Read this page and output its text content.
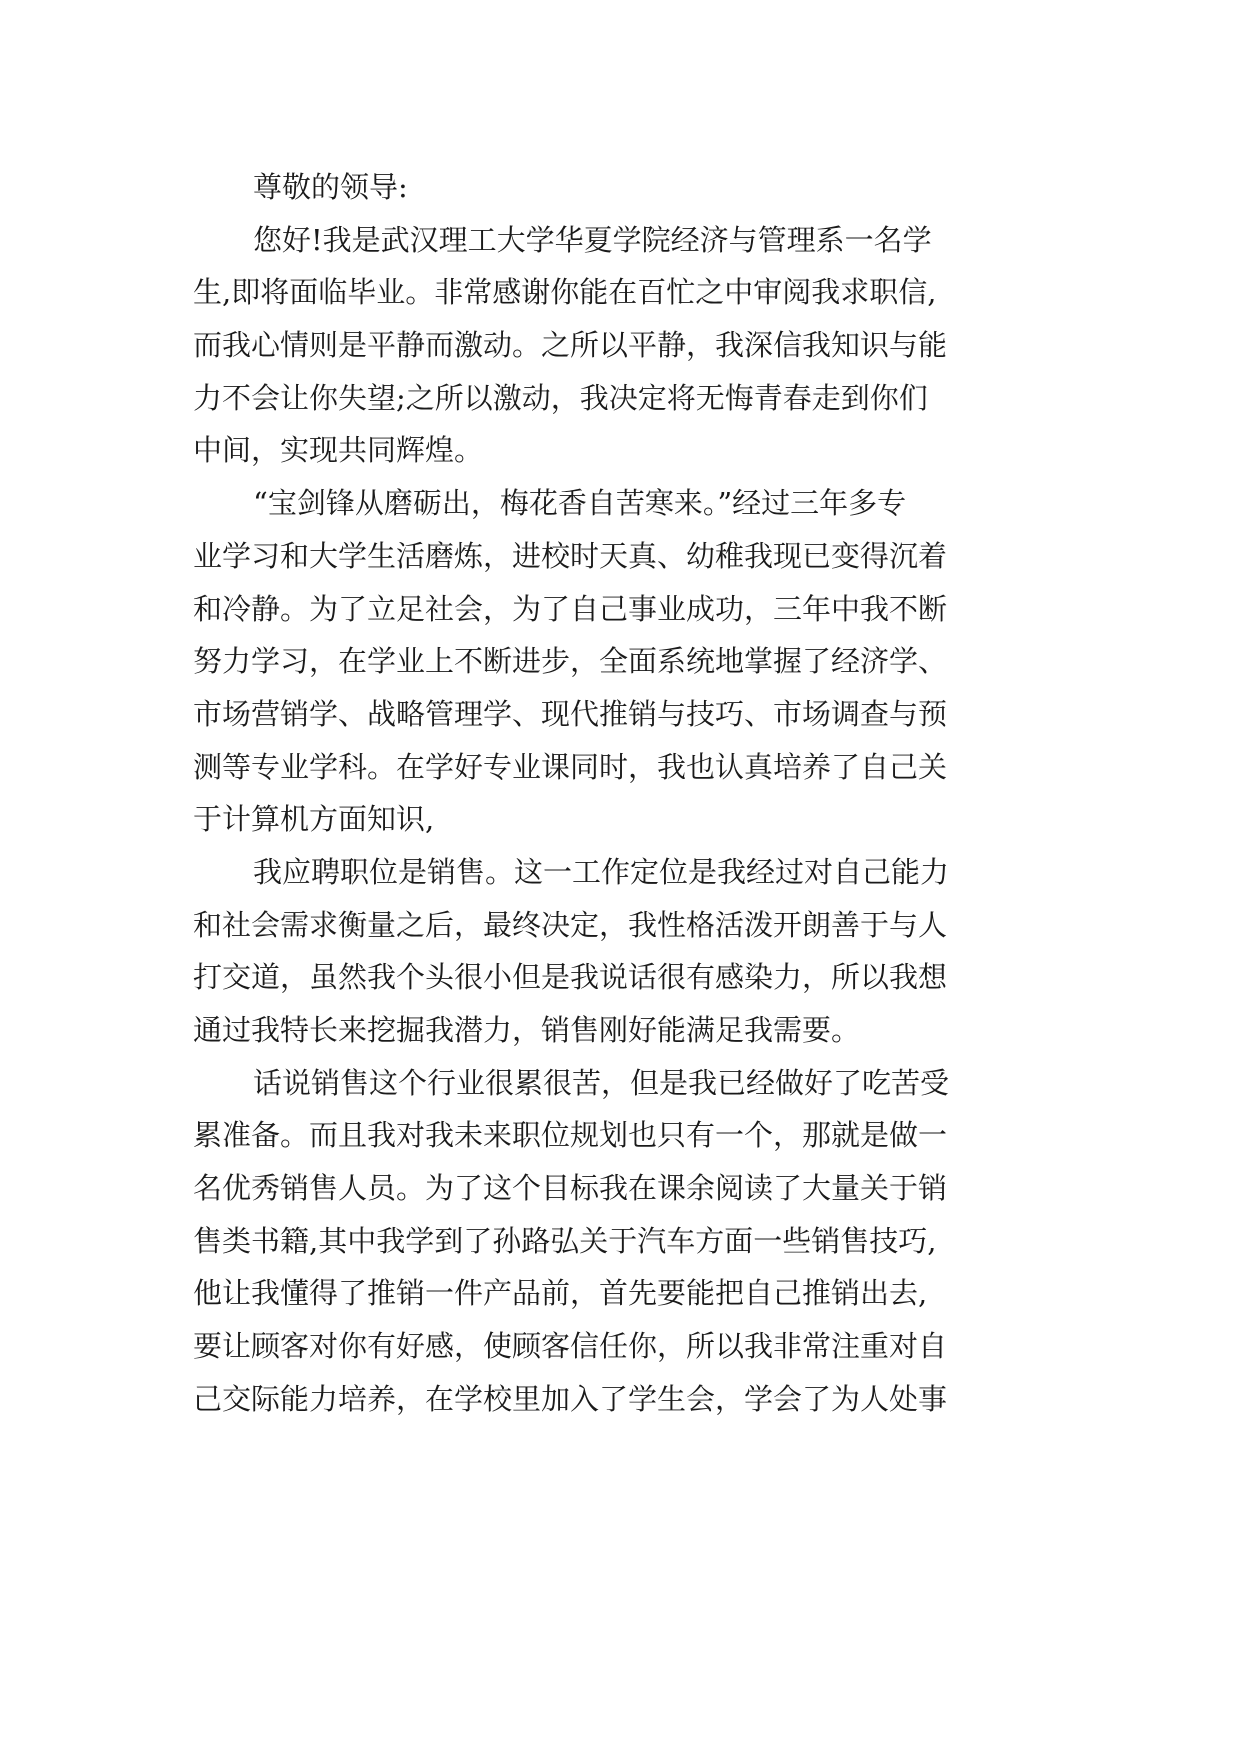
尊敬的领导:
您好!我是武汉理工大学华夏学院经济与管理系一名学
生,即将面临毕业。非常感谢你能在百忙之中审阅我求职信,
而我心情则是平静而激动。之所以平静，我深信我知识与能
力不会让你失望;之所以激动，我决定将无悔青春走到你们
中间，实现共同辉煌。
“宝剑锋从磨砺出，梅花香自苦寒来。”经过三年多专
业学习和大学生活磨炼，进校时天真、幼稚我现已变得沉着
和冷静。为了立足社会，为了自己事业成功，三年中我不断
努力学习，在学业上不断进步，全面系统地掌握了经济学、
市场营销学、战略管理学、现代推销与技巧、市场调查与预
测等专业学科。在学好专业课同时，我也认真培养了自己关
于计算机方面知识,
我应聘职位是销售。这一工作定位是我经过对自己能力
和社会需求衡量之后，最终决定，我性格活泼开朗善于与人
打交道，虽然我个头很小但是我说话很有感染力，所以我想
通过我特长来挖掘我潜力，销售刚好能满足我需要。
话说销售这个行业很累很苦，但是我已经做好了吃苦受
累准备。而且我对我未来职位规划也只有一个，那就是做一
名优秀销售人员。为了这个目标我在课余阅读了大量关于销
售类书籍,其中我学到了孙路弘关于汽车方面一些销售技巧,
他让我懂得了推销一件产品前，首先要能把自己推销出去,
要让顾客对你有好感，使顾客信任你，所以我非常注重对自
己交际能力培养，在学校里加入了学生会，学会了为人处事
